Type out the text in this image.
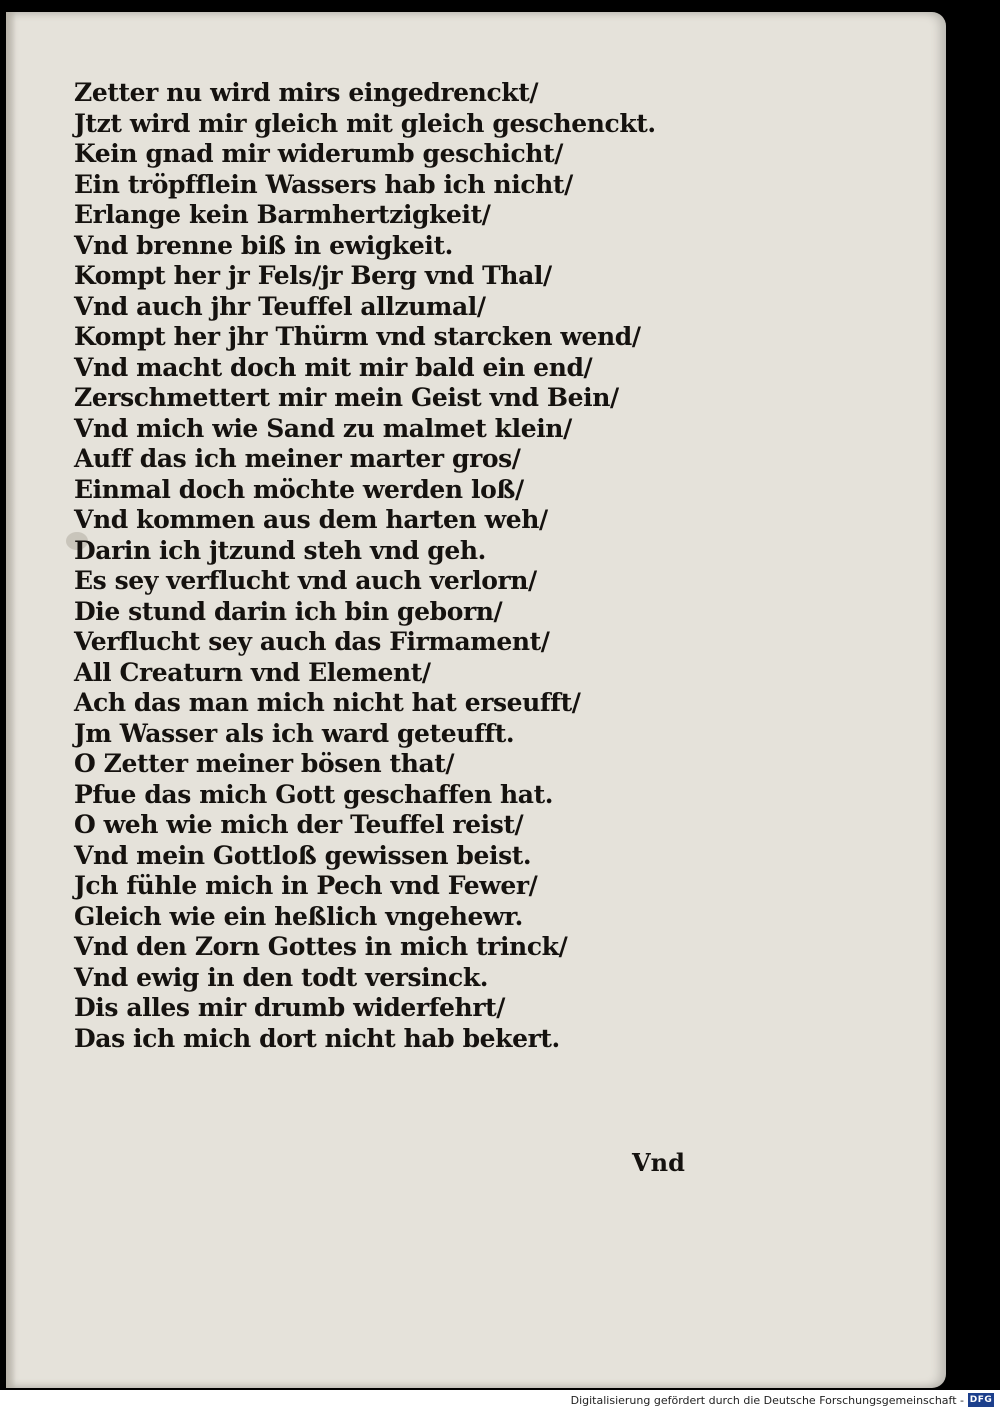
Zetter nu wird mirs eingedrenckt/
Jtzt wird mir gleich mit gleich geschenckt.
Kein gnad mir widerumb geschicht/
Ein tröpfflein Wassers hab ich nicht/
Erlange kein Barmhertzigkeit/
Vnd brenne biß in ewigkeit.
Kompt her jr Fels/jr Berg vnd Thal/
Vnd auch jhr Teuffel allzumal/
Kompt her jhr Thürm vnd starcken wend/
Vnd macht doch mit mir bald ein end/
Zerschmettert mir mein Geist vnd Bein/
Vnd mich wie Sand zu malmet klein/
Auff das ich meiner marter gros/
Einmal doch möchte werden loß/
Vnd kommen aus dem harten weh/
Darin ich jtzund steh vnd geh.
Es sey verflucht vnd auch verlorn/
Die stund darin ich bin geborn/
Verflucht sey auch das Firmament/
All Creaturn vnd Element/
Ach das man mich nicht hat erseufft/
Jm Wasser als ich ward geteufft.
O Zetter meiner bösen that/
Pfue das mich Gott geschaffen hat.
O weh wie mich der Teuffel reist/
Vnd mein Gottloß gewissen beist.
Jch fühle mich in Pech vnd Fewer/
Gleich wie ein heßlich vngehewr.
Vnd den Zorn Gottes in mich trinck/
Vnd ewig in den todt versinck.
Dis alles mir drumb widerfehrt/
Das ich mich dort nicht hab bekert.
Vnd
Digitalisierung gefördert durch die Deutsche Forschungsgemeinschaft - DFG
